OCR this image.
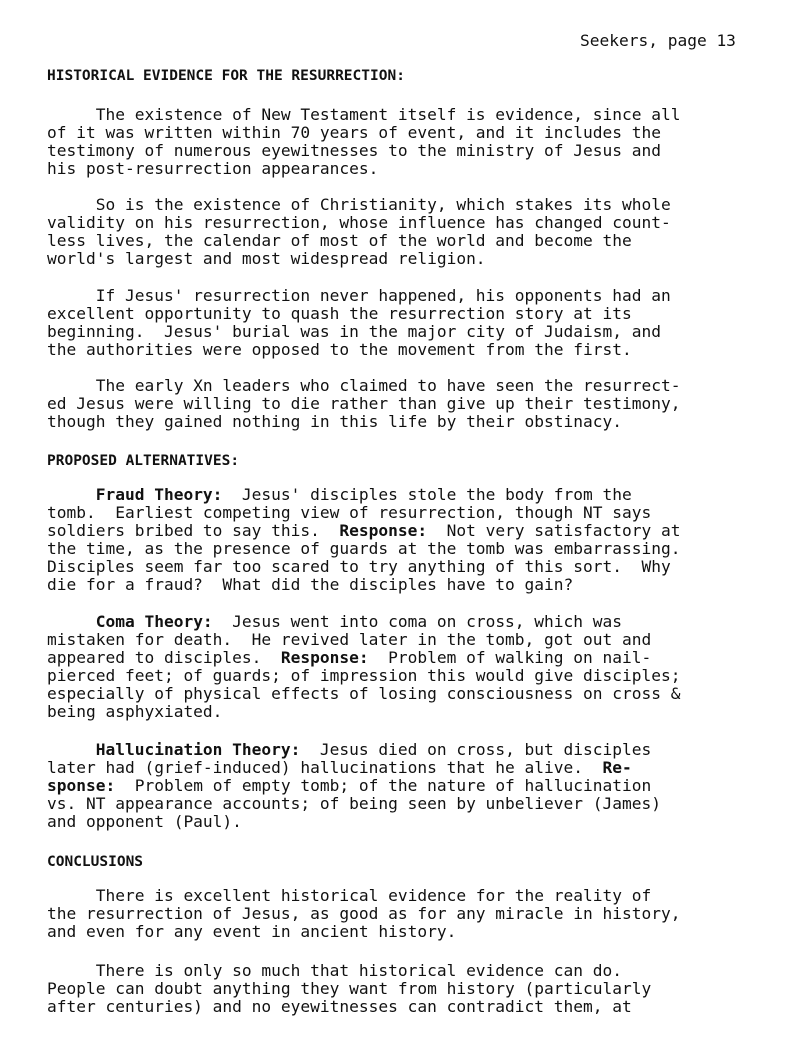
Seekers, page 13
HISTORICAL EVIDENCE FOR THE RESURRECTION:
The existence of New Testament itself is evidence, since all
of it was written within 70 years of event, and it includes the
testimony of numerous eyewitnesses to the ministry of Jesus and
his post-resurrection appearances.
So is the existence of Christianity, which stakes its whole
validity on his resurrection, whose influence has changed count-
less lives, the calendar of most of the world and become the
world's largest and most widespread religion.
If Jesus' resurrection never happened, his opponents had an
excellent opportunity to quash the resurrection story at its
beginning.  Jesus' burial was in the major city of Judaism, and
the authorities were opposed to the movement from the first.
The early Xn leaders who claimed to have seen the resurrect-
ed Jesus were willing to die rather than give up their testimony,
though they gained nothing in this life by their obstinacy.
PROPOSED ALTERNATIVES:
Fraud Theory:  Jesus' disciples stole the body from the
tomb.  Earliest competing view of resurrection, though NT says
soldiers bribed to say this.  Response:  Not very satisfactory at
the time, as the presence of guards at the tomb was embarrassing.
Disciples seem far too scared to try anything of this sort.  Why
die for a fraud?  What did the disciples have to gain?
Coma Theory:  Jesus went into coma on cross, which was
mistaken for death.  He revived later in the tomb, got out and
appeared to disciples.  Response:  Problem of walking on nail-
pierced feet; of guards; of impression this would give disciples;
especially of physical effects of losing consciousness on cross &
being asphyxiated.
Hallucination Theory:  Jesus died on cross, but disciples
later had (grief-induced) hallucinations that he alive.  Re-
sponse:  Problem of empty tomb; of the nature of hallucination
vs. NT appearance accounts; of being seen by unbeliever (James)
and opponent (Paul).
CONCLUSIONS
There is excellent historical evidence for the reality of
the resurrection of Jesus, as good as for any miracle in history,
and even for any event in ancient history.
There is only so much that historical evidence can do.
People can doubt anything they want from history (particularly
after centuries) and no eyewitnesses can contradict them, at
